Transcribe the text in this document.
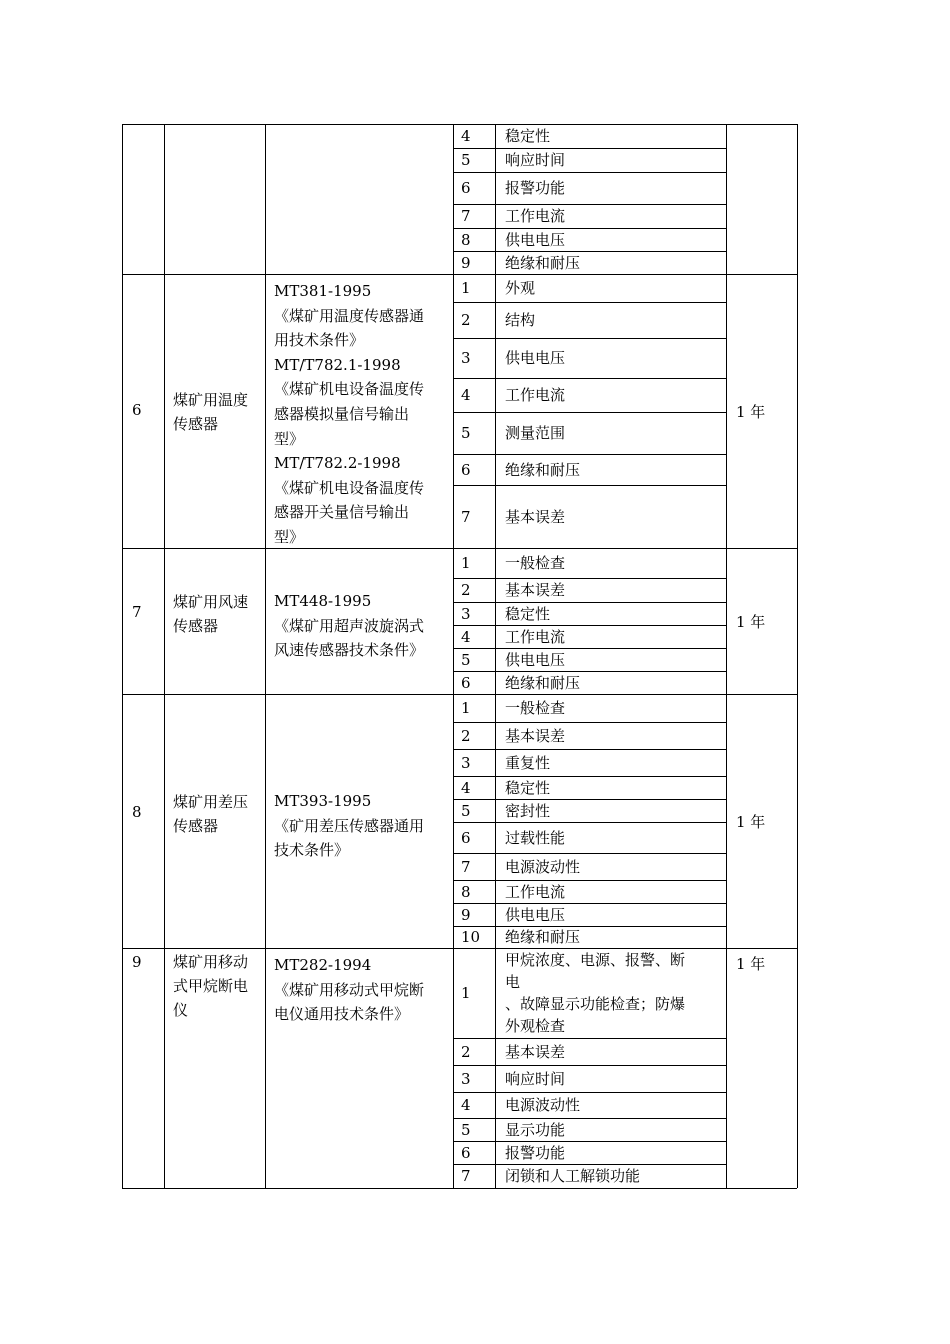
4 稳定性
5 响应时间
6 报警功能
7 工作电流
8 供电电压
9 绝缘和耐压
6
煤矿用温度
传感器
MT381-1995
《煤矿用温度传感器通
用技术条件》
MT/T782.1-1998
《煤矿机电设备温度传
感器模拟量信号输出
型》
MT/T782.2-1998
《煤矿机电设备温度传
感器开关量信号输出
型》
1 外观
2 结构
3 供电电压
4 工作电流
5 测量范围
6 绝缘和耐压
7 基本误差
1 年
7
煤矿用风速
传感器
MT448-1995
《煤矿用超声波旋涡式
风速传感器技术条件》
1 一般检查
2 基本误差
3 稳定性
4 工作电流
5 供电电压
6 绝缘和耐压
1 年
8
煤矿用差压
传感器
MT393-1995
《矿用差压传感器通用
技术条件》
1 一般检查
2 基本误差
3 重复性
4 稳定性
5 密封性
6 过载性能
7 电源波动性
8 工作电流
9 供电电压
10 绝缘和耐压
1 年
9 煤矿用移动
式甲烷断电
仪
MT282-1994
《煤矿用移动式甲烷断
电仪通用技术条件》
1
甲烷浓度、电源、报警、断
电
、故障显示功能检查；防爆
外观检查
2 基本误差
3 响应时间
4 电源波动性
5 显示功能
6 报警功能
7 闭锁和人工解锁功能
1 年
